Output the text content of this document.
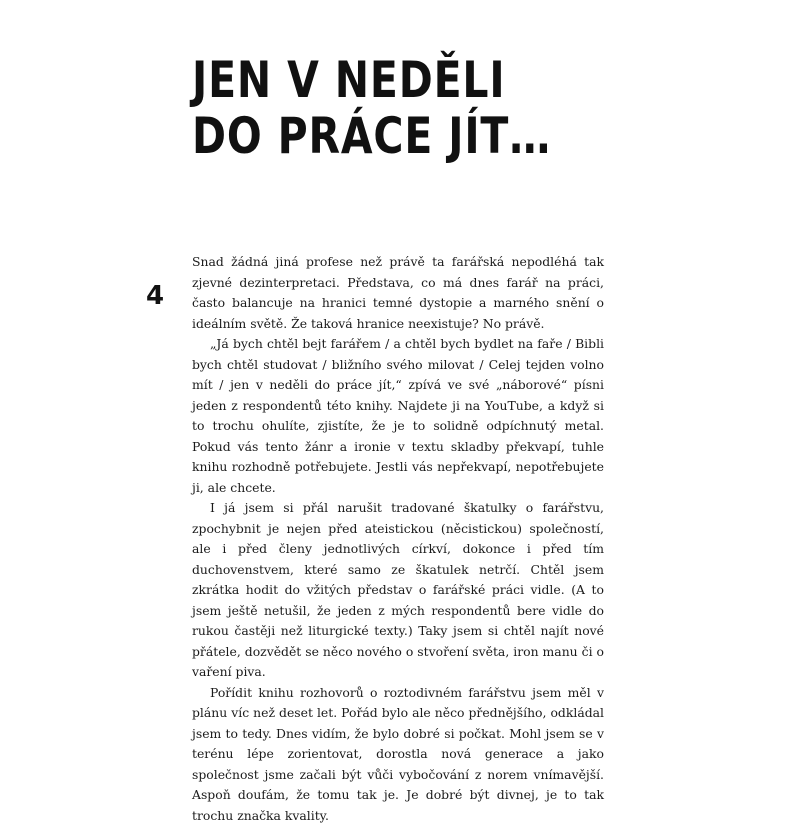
JEN V NEDĚLI
DO PRÁCE JÍT…
4

Snad žádná jiná profese než právě ta farářská nepodléhá tak zjevné dezinterpretaci. Představa, co má dnes farář na práci, často balancuje na hranici temné dystopie a marného snění o ideálním světě. Že taková hranice neexistuje? No právě.

„Já bych chtěl bejt farářem / a chtěl bych bydlet na faře / Bibli bych chtěl studovat / bližního svého milovat / Celej tejden volno mít / jen v neděli do práce jít,“ zpívá ve své „náborové“ písni jeden z respondentů této knihy. Najdete ji na YouTube, a když si to trochu ohulíte, zjistíte, že je to solidně odpíchnutý metal. Pokud vás tento žánr a ironie v textu skladby překvapí, tuhle knihu rozhodně potřebujete. Jestli vás nepřekvapí, nepotřebujete ji, ale chcete.

I já jsem si přál narušit tradované škatulky o farářstvu, zpochybnit je nejen před ateistickou (něcistickou) společností, ale i před členy jednotlivých církví, dokonce i před tím duchovenstvem, které samo ze škatulek netrčí. Chtěl jsem zkrátka hodit do vžitých představ o farářské práci vidle. (A to jsem ještě netušil, že jeden z mých respondentů bere vidle do rukou častěji než liturgické texty.) Taky jsem si chtěl najít nové přátele, dozvědět se něco nového o stvoření světa, iron manu či o vaření piva.

Pořídit knihu rozhovorů o roztodivném farářstvu jsem měl v plánu víc než deset let. Pořád bylo ale něco přednějšího, odkládal jsem to tedy. Dnes vidím, že bylo dobré si počkat. Mohl jsem se v terénu lépe zorientovat, dorostla nová generace a jako společnost jsme začali být vůči vybočování z norem vnímavější. Aspoň doufám, že tomu tak je. Je dobré být divnej, je to tak trochu značka kvality.
